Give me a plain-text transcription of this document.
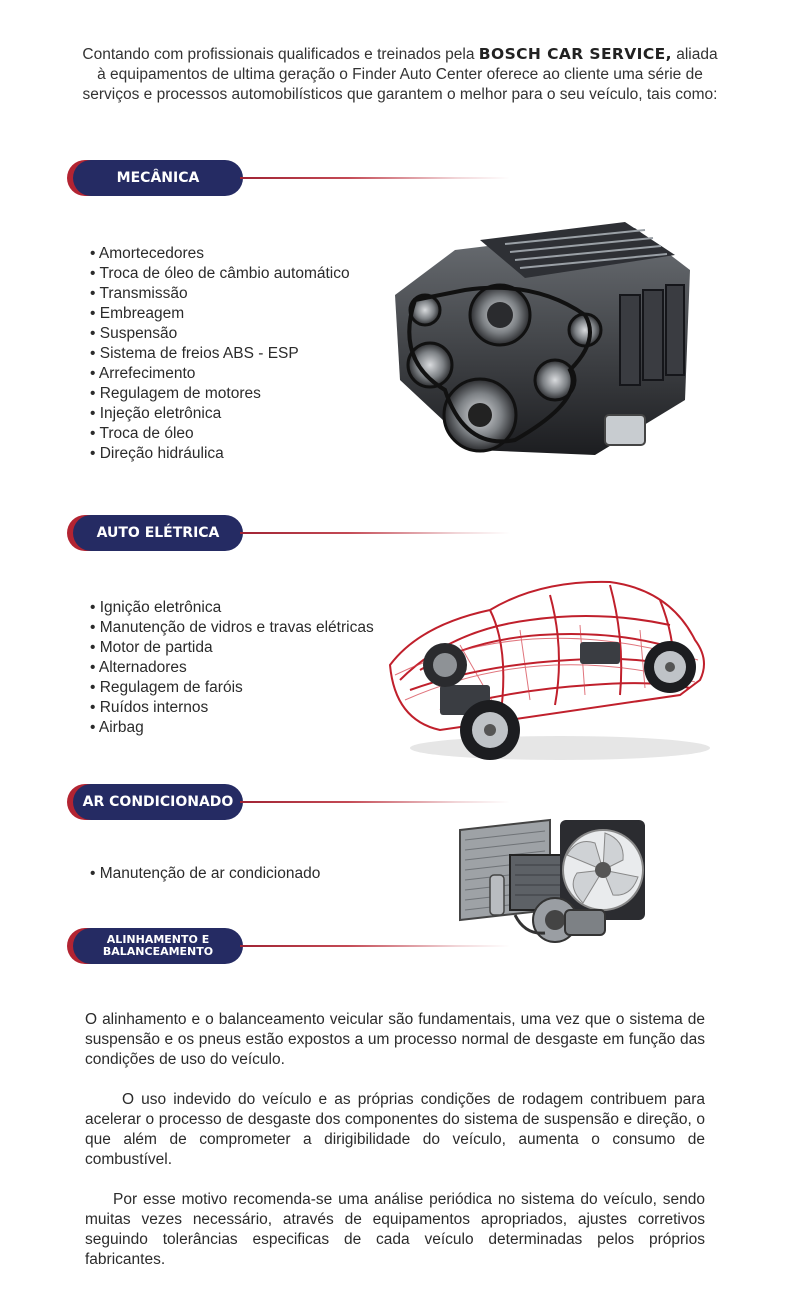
Contando com profissionais qualificados e treinados pela BOSCH CAR SERVICE, aliada à equipamentos de ultima geração o Finder Auto Center oferece ao cliente uma série de serviços e processos automobilísticos que garantem o melhor para o seu veículo, tais como:
MECÂNICA
• Amortecedores
• Troca de óleo de câmbio automático
• Transmissão
• Embreagem
• Suspensão
• Sistema de freios ABS - ESP
• Arrefecimento
• Regulagem de motores
• Injeção eletrônica
• Troca de óleo
• Direção hidráulica
AUTO ELÉTRICA
• Ignição eletrônica
• Manutenção de vidros e travas elétricas
• Motor de partida
• Alternadores
• Regulagem de faróis
• Ruídos internos
• Airbag
AR CONDICIONADO
• Manutenção de ar condicionado
ALINHAMENTO E
BALANCEAMENTO

O alinhamento e o balanceamento veicular são fundamentais, uma vez que o sistema de suspensão e os pneus estão expostos a um processo normal de desgaste em função das condições de uso do veículo.

O uso indevido do veículo e as próprias condições de rodagem contribuem para acelerar o processo de desgaste dos componentes do sistema de suspensão e direção, o que além de comprometer a dirigibilidade do veículo, aumenta o consumo de combustível.

Por esse motivo recomenda-se uma análise periódica no sistema do veículo, sendo muitas vezes necessário, através de equipamentos apropriados, ajustes corretivos seguindo tolerâncias especificas de cada veículo determinadas pelos próprios fabricantes.
